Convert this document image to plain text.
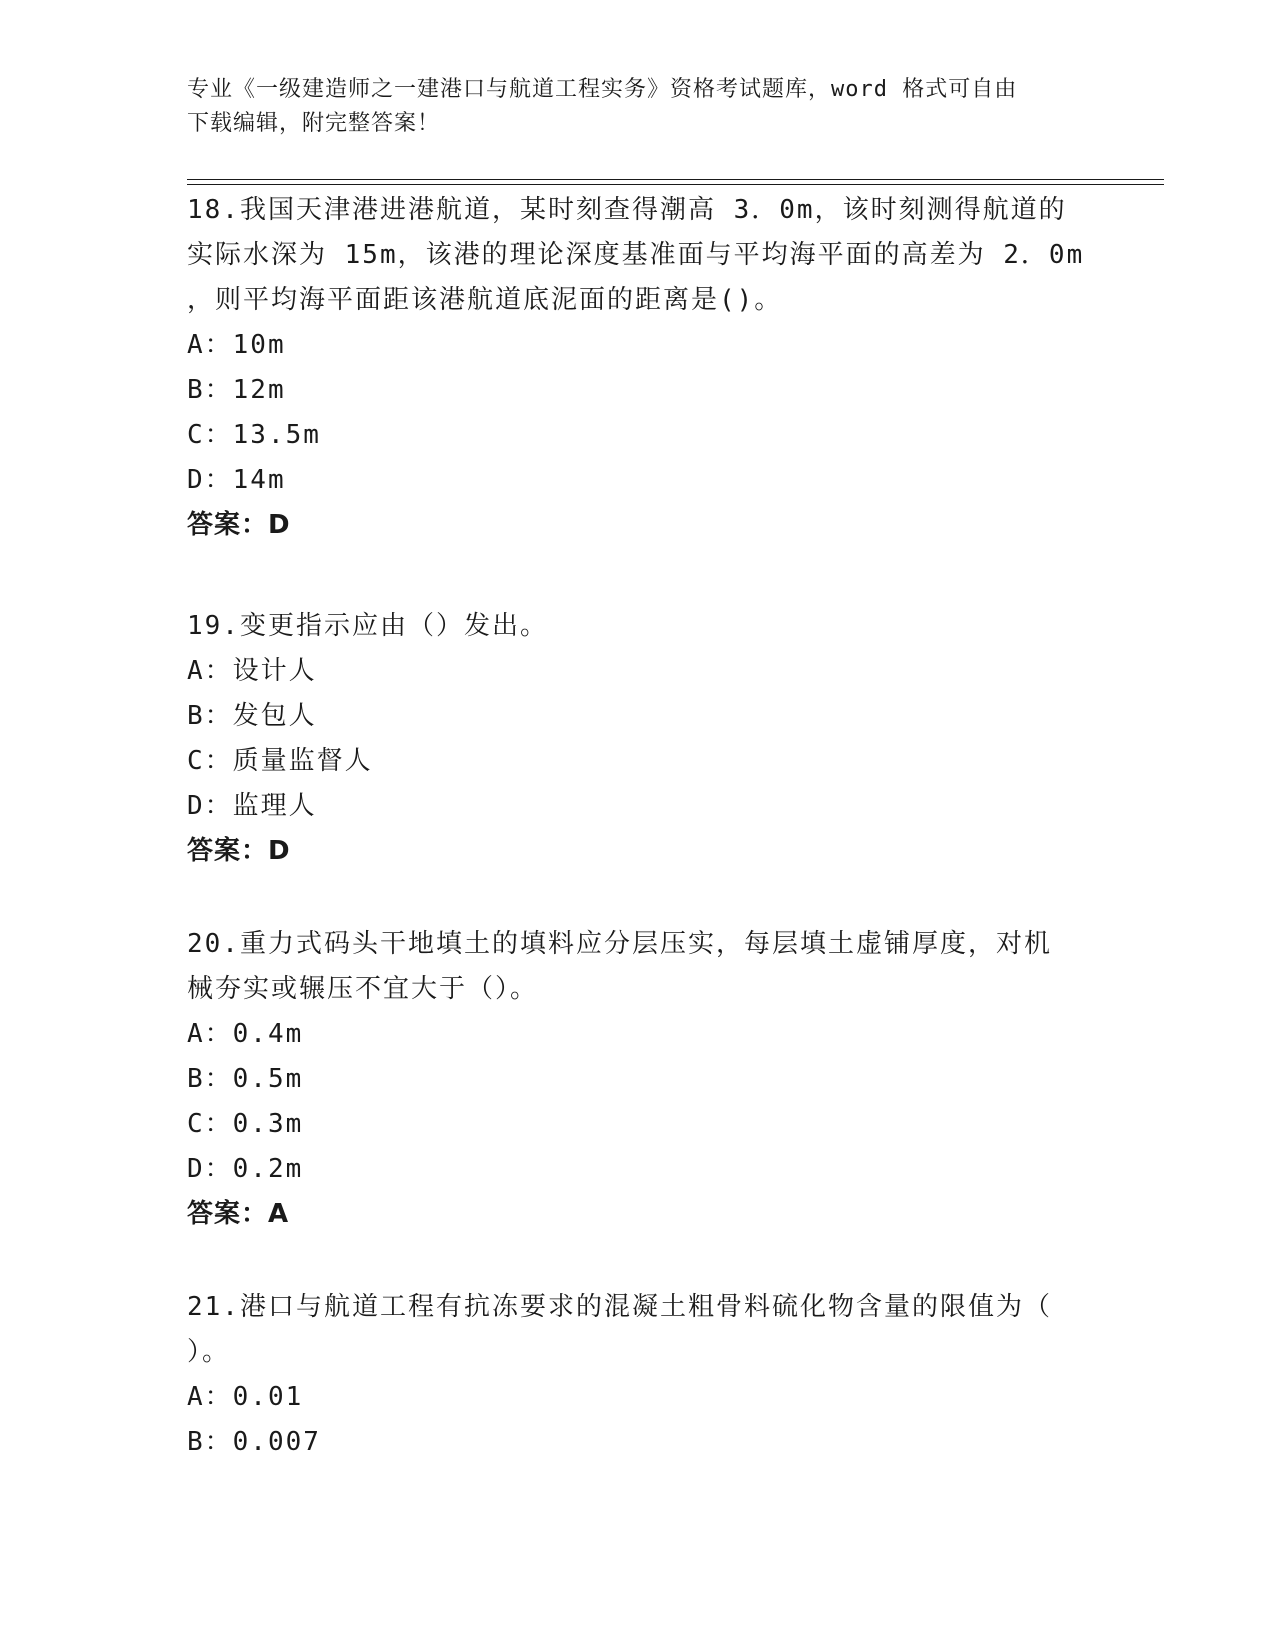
专业《一级建造师之一建港口与航道工程实务》资格考试题库，word 格式可自由
下载编辑，附完整答案！
18.我国天津港进港航道，某时刻查得潮高 3．0m，该时刻测得航道的
实际水深为 15m，该港的理论深度基准面与平均海平面的高差为 2．0m
，则平均海平面距该港航道底泥面的距离是()。
A：10m
B：12m
C：13.5m
D：14m
答案：D
19.变更指示应由（）发出。
A：设计人
B：发包人
C：质量监督人
D：监理人
答案：D
20.重力式码头干地填土的填料应分层压实，每层填土虚铺厚度，对机
械夯实或辗压不宜大于（）。
A：0.4m
B：0.5m
C：0.3m
D：0.2m
答案：A
21.港口与航道工程有抗冻要求的混凝土粗骨料硫化物含量的限值为（
）。
A：0.01
B：0.007
